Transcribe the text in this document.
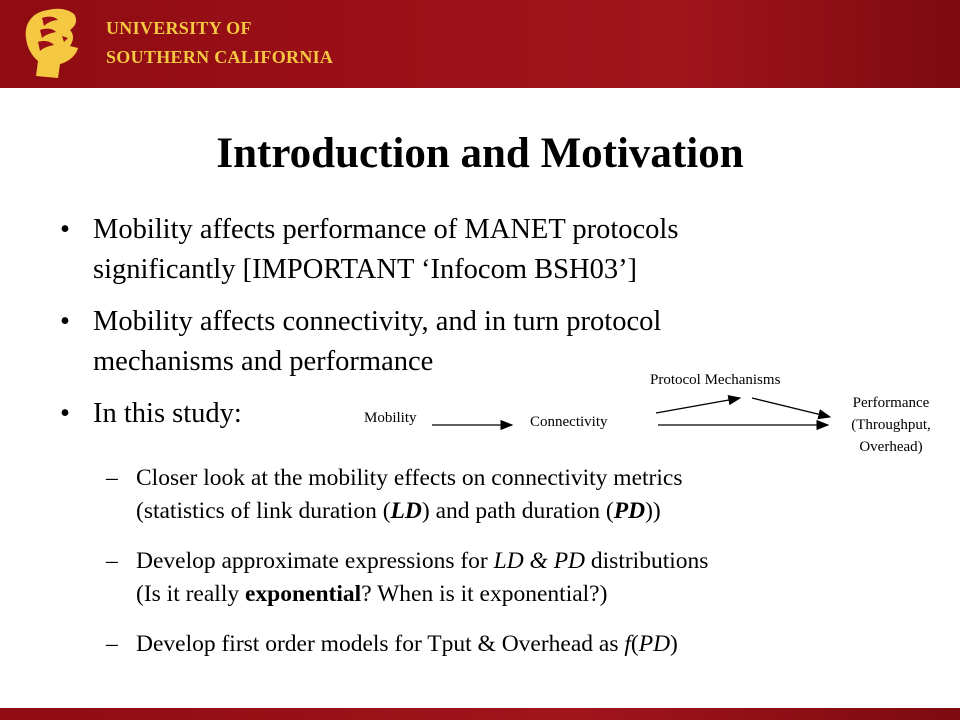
UNIVERSITY OF
SOUTHERN CALIFORNIA
Introduction and Motivation
• Mobility affects performance of MANET protocols
significantly [IMPORTANT ‘Infocom BSH03’]
• Mobility affects connectivity, and in turn protocol
mechanisms and performance
• In this study:
– Closer look at the mobility effects on connectivity metrics
(statistics of link duration (LD) and path duration (PD))
– Develop approximate expressions for LD & PD distributions
(Is it really exponential? When is it exponential?)
– Develop first order models for Tput & Overhead as f(PD)
Mobility	Connectivity
Protocol Mechanisms
Performance
(Throughput,
Overhead)
